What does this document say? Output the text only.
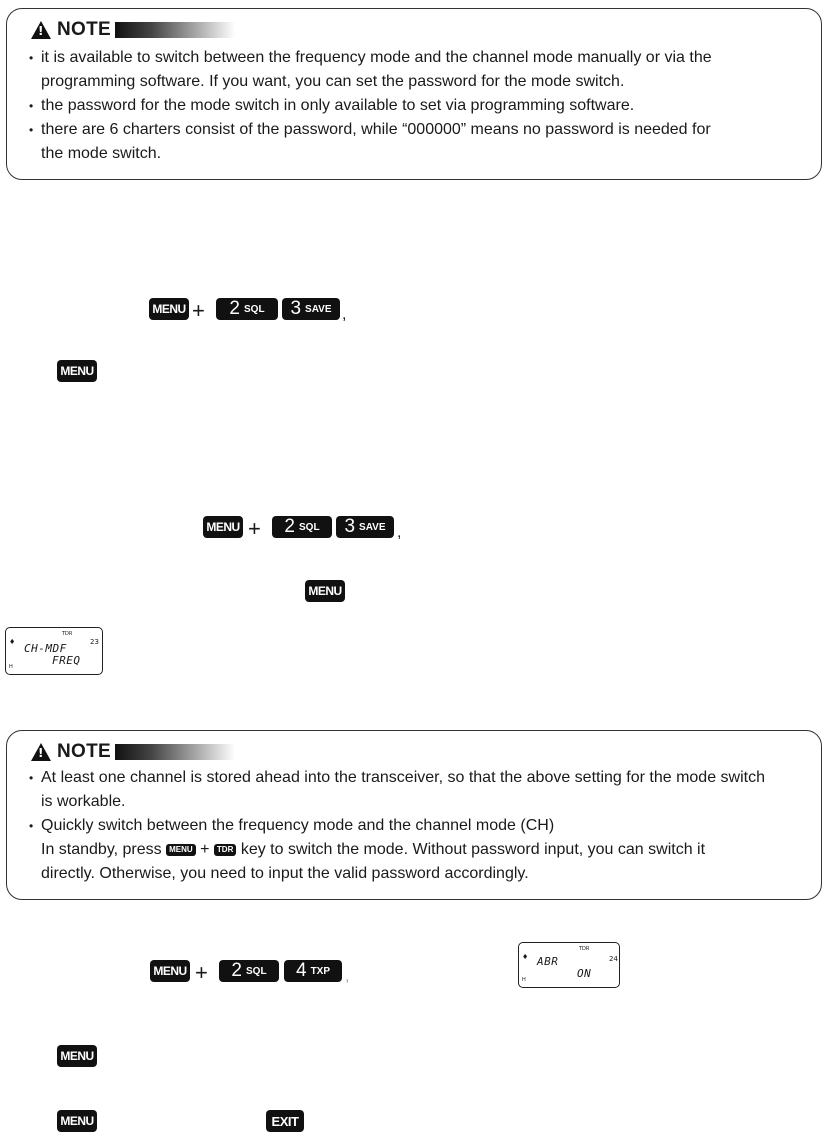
! NOTE

• it is available to switch between the frequency mode and the channel mode manually or via the

programming software. If you want, you can set the password for the mode switch.

• the password for the mode switch in only available to set via programming software.

• there are 6 charters consist of the password, while “000000” means no password is needed for

the mode switch.

MENU + 2 SQL 3 SAVE ,
MENU
MENU + 2 SQL 3 SAVE ,
MENU
♦
TDR
23
CH-MDF
FREQ
H
! NOTE

• At least one channel is stored ahead into the transceiver, so that the above setting for the mode switch

is workable.

• Quickly switch between the frequency mode and the channel mode (CH)

In standby, press MENU + TDR key to switch the mode. Without password input, you can switch it

directly. Otherwise, you need to input the valid password accordingly.

MENU + 2 SQL 4 TXP ,
♦
TDR
24
ABR
ON
H
MENU
MENU	EXIT
